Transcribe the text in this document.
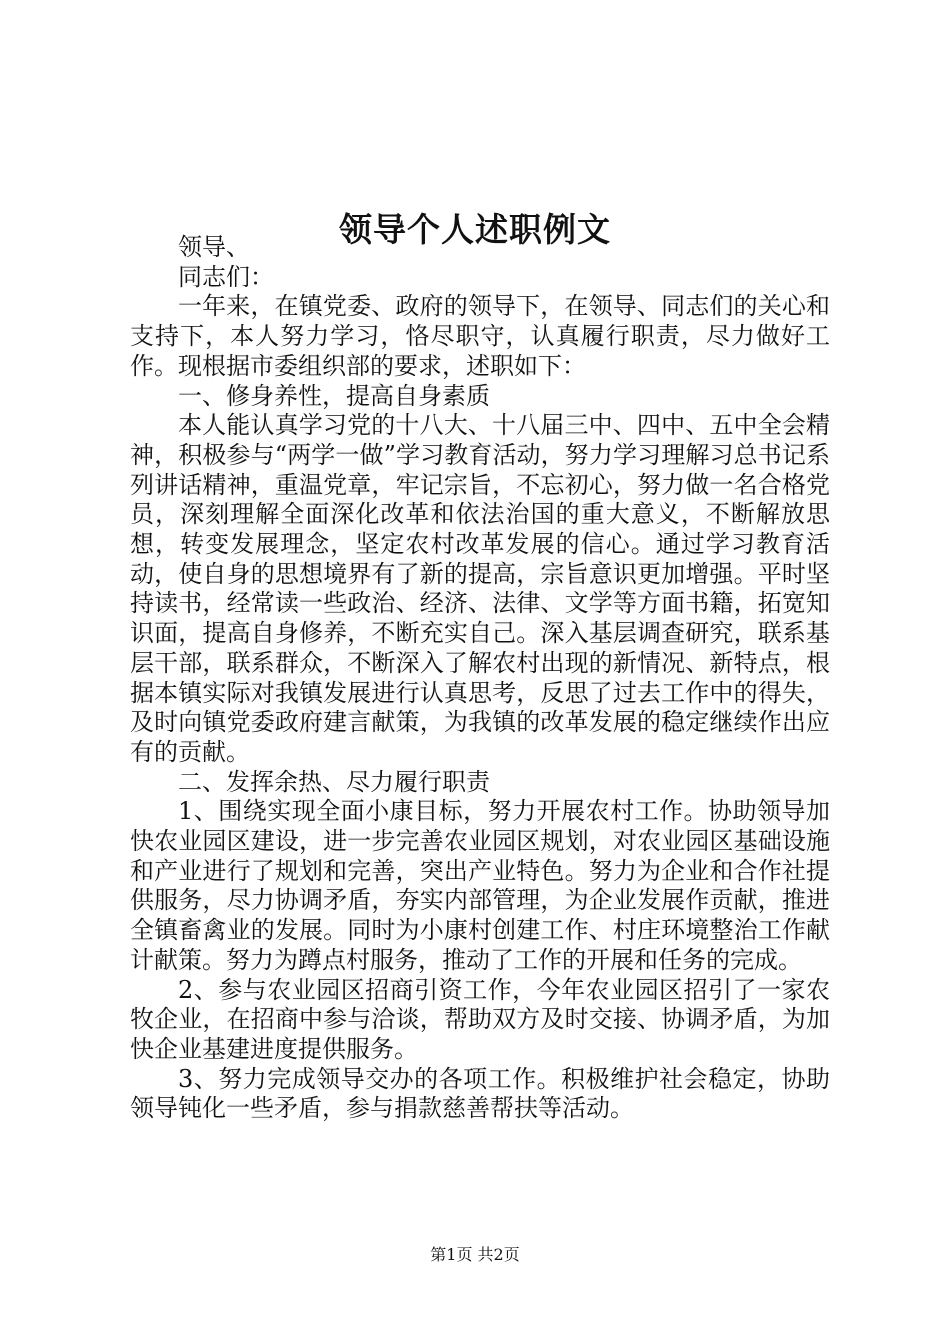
领导个人述职例文

领导、

同志们：

一年来，在镇党委、政府的领导下，在领导、同志们的关心和支持下，本人努力学习，恪尽职守，认真履行职责，尽力做好工作。现根据市委组织部的要求，述职如下：

一、修身养性，提高自身素质

本人能认真学习党的十八大、十八届三中、四中、五中全会精神，积极参与“两学一做”学习教育活动，努力学习理解习总书记系列讲话精神，重温党章，牢记宗旨，不忘初心，努力做一名合格党员，深刻理解全面深化改革和依法治国的重大意义，不断解放思想，转变发展理念，坚定农村改革发展的信心。通过学习教育活动，使自身的思想境界有了新的提高，宗旨意识更加增强。平时坚持读书，经常读一些政治、经济、法律、文学等方面书籍，拓宽知识面，提高自身修养，不断充实自己。深入基层调查研究，联系基层干部，联系群众，不断深入了解农村出现的新情况、新特点，根据本镇实际对我镇发展进行认真思考，反思了过去工作中的得失，及时向镇党委政府建言献策，为我镇的改革发展的稳定继续作出应有的贡献。

二、发挥余热、尽力履行职责

1、围绕实现全面小康目标，努力开展农村工作。协助领导加快农业园区建设，进一步完善农业园区规划，对农业园区基础设施和产业进行了规划和完善，突出产业特色。努力为企业和合作社提供服务，尽力协调矛盾，夯实内部管理，为企业发展作贡献，推进全镇畜禽业的发展。同时为小康村创建工作、村庄环境整治工作献计献策。努力为蹲点村服务，推动了工作的开展和任务的完成。

2、参与农业园区招商引资工作，今年农业园区招引了一家农牧企业，在招商中参与洽谈，帮助双方及时交接、协调矛盾，为加快企业基建进度提供服务。

3、努力完成领导交办的各项工作。积极维护社会稳定，协助领导钝化一些矛盾，参与捐款慈善帮扶等活动。

第1页 共2页
